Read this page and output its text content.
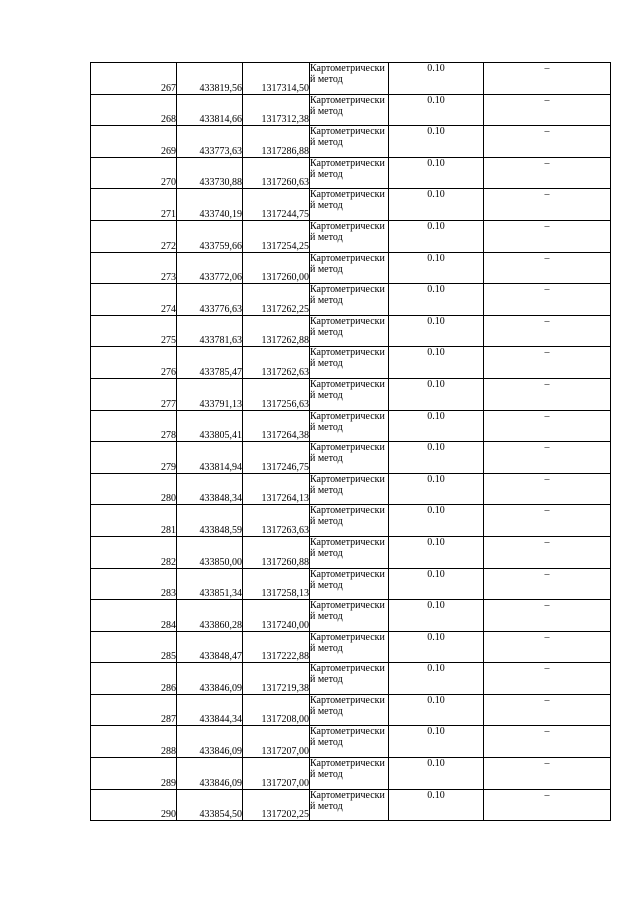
267	433819,56	1317314,50	Картометрический метод	0.10	–
268	433814,66	1317312,38	Картометрический метод	0.10	–
269	433773,63	1317286,88	Картометрический метод	0.10	–
270	433730,88	1317260,63	Картометрический метод	0.10	–
271	433740,19	1317244,75	Картометрический метод	0.10	–
272	433759,66	1317254,25	Картометрический метод	0.10	–
273	433772,06	1317260,00	Картометрический метод	0.10	–
274	433776,63	1317262,25	Картометрический метод	0.10	–
275	433781,63	1317262,88	Картометрический метод	0.10	–
276	433785,47	1317262,63	Картометрический метод	0.10	–
277	433791,13	1317256,63	Картометрический метод	0.10	–
278	433805,41	1317264,38	Картометрический метод	0.10	–
279	433814,94	1317246,75	Картометрический метод	0.10	–
280	433848,34	1317264,13	Картометрический метод	0.10	–
281	433848,59	1317263,63	Картометрический метод	0.10	–
282	433850,00	1317260,88	Картометрический метод	0.10	–
283	433851,34	1317258,13	Картометрический метод	0.10	–
284	433860,28	1317240,00	Картометрический метод	0.10	–
285	433848,47	1317222,88	Картометрический метод	0.10	–
286	433846,09	1317219,38	Картометрический метод	0.10	–
287	433844,34	1317208,00	Картометрический метод	0.10	–
288	433846,09	1317207,00	Картометрический метод	0.10	–
289	433846,09	1317207,00	Картометрический метод	0.10	–
290	433854,50	1317202,25	Картометрический метод	0.10	–
